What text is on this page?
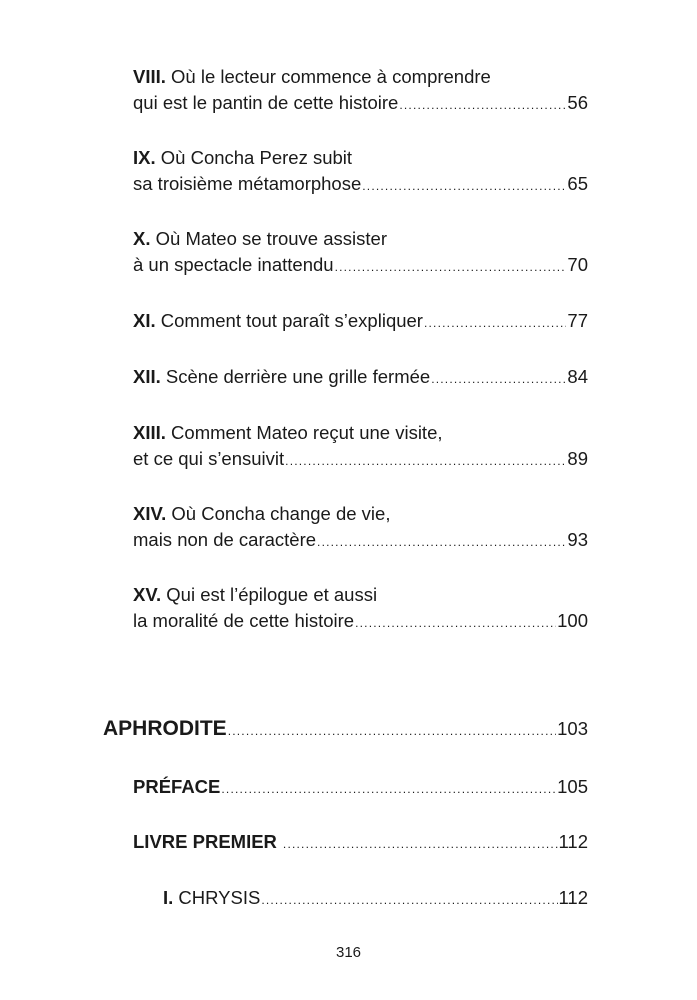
VIII. Où le lecteur commence à comprendre
qui est le pantin de cette histoire .....	56
IX. Où Concha Perez subit
sa troisième métamorphose .....	65
X. Où Mateo se trouve assister
à un spectacle inattendu .....	70
XI. Comment tout paraît s’expliquer .....	77
XII. Scène derrière une grille fermée .....	84
XIII. Comment Mateo reçut une visite,
et ce qui s’ensuivit .....	89
XIV. Où Concha change de vie,
mais non de caractère .....	93
XV. Qui est l’épilogue et aussi
la moralité de cette histoire .....	100
APHRODITE .....	103
PRÉFACE .....	105
LIVRE PREMIER .....	112
I. CHRYSIS .....	112
316
